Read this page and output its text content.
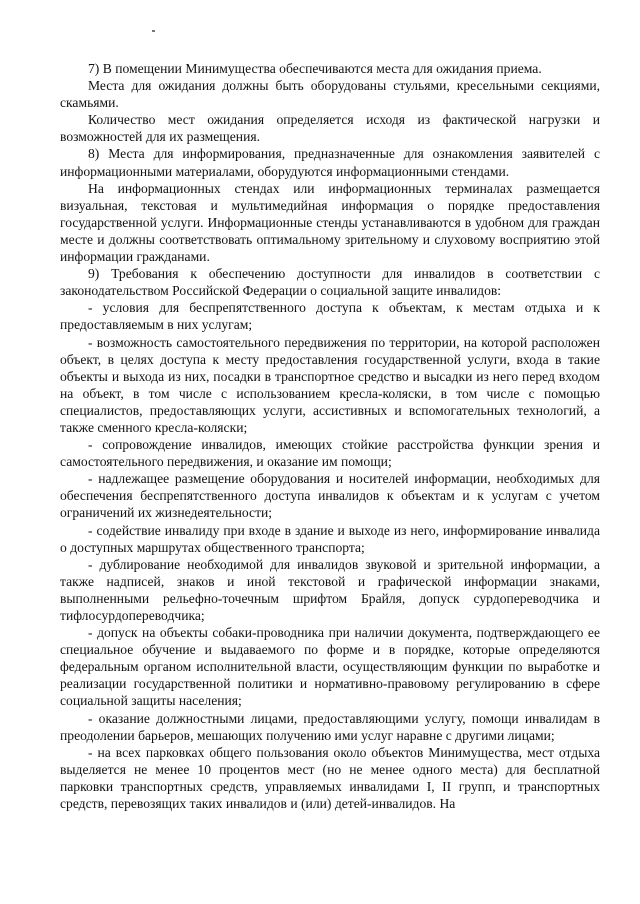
7) В помещении Минимущества обеспечиваются места для ожидания приема.

Места для ожидания должны быть оборудованы стульями, кресельными секциями, скамьями.

Количество мест ожидания определяется исходя из фактической нагрузки и возможностей для их размещения.

8) Места для информирования, предназначенные для ознакомления заявителей с информационными материалами, оборудуются информационными стендами.

На информационных стендах или информационных терминалах размещается визуальная, текстовая и мультимедийная информация о порядке предоставления государственной услуги. Информационные стенды устанавливаются в удобном для граждан месте и должны соответствовать оптимальному зрительному и слуховому восприятию этой информации гражданами.

9) Требования к обеспечению доступности для инвалидов в соответствии с законодательством Российской Федерации о социальной защите инвалидов:

- условия для беспрепятственного доступа к объектам, к местам отдыха и к предоставляемым в них услугам;

- возможность самостоятельного передвижения по территории, на которой расположен объект, в целях доступа к месту предоставления государственной услуги, входа в такие объекты и выхода из них, посадки в транспортное средство и высадки из него перед входом на объект, в том числе с использованием кресла-коляски, в том числе с помощью специалистов, предоставляющих услуги, ассистивных и вспомогательных технологий, а также сменного кресла-коляски;

- сопровождение инвалидов, имеющих стойкие расстройства функции зрения и самостоятельного передвижения, и оказание им помощи;

- надлежащее размещение оборудования и носителей информации, необходимых для обеспечения беспрепятственного доступа инвалидов к объектам и к услугам с учетом ограничений их жизнедеятельности;

- содействие инвалиду при входе в здание и выходе из него, информирование инвалида о доступных маршрутах общественного транспорта;

- дублирование необходимой для инвалидов звуковой и зрительной информации, а также надписей, знаков и иной текстовой и графической информации знаками, выполненными рельефно-точечным шрифтом Брайля, допуск сурдопереводчика и тифлосурдопереводчика;

- допуск на объекты собаки-проводника при наличии документа, подтверждающего ее специальное обучение и выдаваемого по форме и в порядке, которые определяются федеральным органом исполнительной власти, осуществляющим функции по выработке и реализации государственной политики и нормативно-правовому регулированию в сфере социальной защиты населения;

- оказание должностными лицами, предоставляющими услугу, помощи инвалидам в преодолении барьеров, мешающих получению ими услуг наравне с другими лицами;

- на всех парковках общего пользования около объектов Минимущества, мест отдыха выделяется не менее 10 процентов мест (но не менее одного места) для бесплатной парковки транспортных средств, управляемых инвалидами I, II групп, и транспортных средств, перевозящих таких инвалидов и (или) детей-инвалидов. На
